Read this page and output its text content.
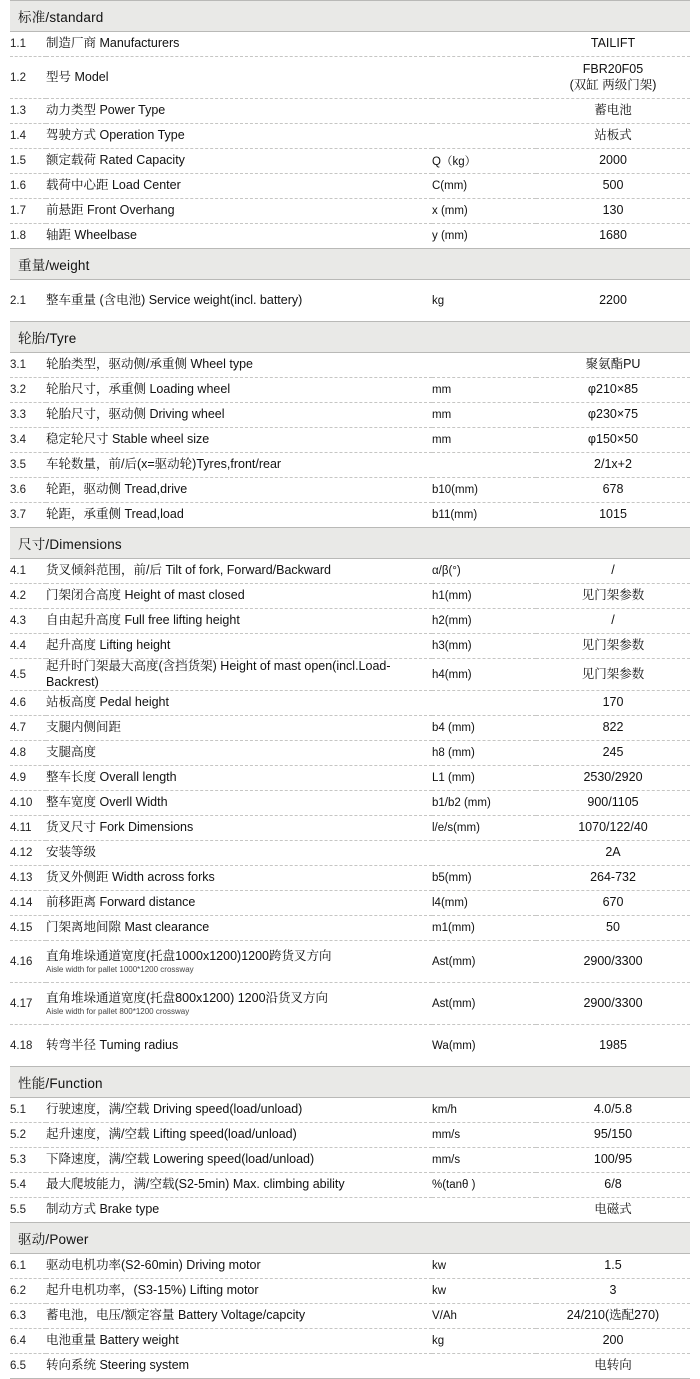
标准/standard			
1.1	制造厂商 Manufacturers		TAILIFT
1.2	型号 Model		FBR20F05
(双缸 两级门架)

1.3	动力类型 Power Type		蓄电池
1.4	驾驶方式 Operation Type		站板式
1.5	额定载荷 Rated Capacity	Q（kg）	2000
1.6	载荷中心距 Load Center	C(mm)	500
1.7	前悬距 Front Overhang	x (mm)	130
1.8	轴距 Wheelbase	y (mm)	1680
重量/weight			
2.1	整车重量 (含电池) Service weight(incl. battery)	kg	2200
轮胎/Tyre			
3.1	轮胎类型，驱动侧/承重侧 Wheel type		聚氨酯PU
3.2	轮胎尺寸，承重侧 Loading wheel	mm	φ210×85
3.3	轮胎尺寸，驱动侧 Driving wheel	mm	φ230×75
3.4	稳定轮尺寸 Stable wheel size	mm	φ150×50
3.5	车轮数量，前/后(x=驱动轮)Tyres,front/rear		2/1x+2
3.6	轮距，驱动侧 Tread,drive	b10(mm)	678
3.7	轮距，承重侧 Tread,load	b11(mm)	1015
尺寸/Dimensions			
4.1	货叉倾斜范围，前/后 Tilt of fork, Forward/Backward	α/β(°)	/
4.2	门架闭合高度 Height of mast closed	h1(mm)	见门架参数
4.3	自由起升高度 Full free lifting height	h2(mm)	/
4.4	起升高度 Lifting height	h3(mm)	见门架参数
4.5	起升时门架最大高度(含挡货架) Height of mast open(incl.Load-Backrest)	h4(mm)	见门架参数
4.6	站板高度 Pedal height		170
4.7	支腿内侧间距	b4 (mm)	822
4.8	支腿高度	h8 (mm)	245
4.9	整车长度 Overall length	L1 (mm)	2530/2920
4.10	整车宽度 Overll Width	b1/b2 (mm)	900/1105
4.11	货叉尺寸 Fork Dimensions	l/e/s(mm)	1070/122/40
4.12	安装等级		2A
4.13	货叉外侧距 Width across forks	b5(mm)	264-732
4.14	前移距离 Forward distance	l4(mm)	670
4.15	门架离地间隙 Mast clearance	m1(mm)	50
4.16	直角堆垛通道宽度(托盘1000x1200)1200跨货叉方向
Aisle width for pallet 1000*1200 crossway	Ast(mm)	2900/3300
4.17	直角堆垛通道宽度(托盘800x1200) 1200沿货叉方向
Aisle width for pallet 800*1200 crossway	Ast(mm)	2900/3300
4.18	转弯半径 Tuming radius	Wa(mm)	1985
性能/Function			
5.1	行驶速度，满/空载 Driving speed(load/unload)	km/h	4.0/5.8
5.2	起升速度，满/空载 Lifting speed(load/unload)	mm/s	95/150
5.3	下降速度，满/空载 Lowering speed(load/unload)	mm/s	100/95
5.4	最大爬坡能力，满/空载(S2-5min) Max. climbing ability	%(tanθ )	6/8
5.5	制动方式 Brake type		电磁式
驱动/Power			
6.1	驱动电机功率(S2-60min) Driving motor	kw	1.5
6.2	起升电机功率，(S3-15%) Lifting motor	kw	3
6.3	蓄电池，电压/额定容量 Battery Voltage/capcity	V/Ah	24/210(选配270)
6.4	电池重量 Battery weight	kg	200
6.5	转向系统 Steering system		电转向
